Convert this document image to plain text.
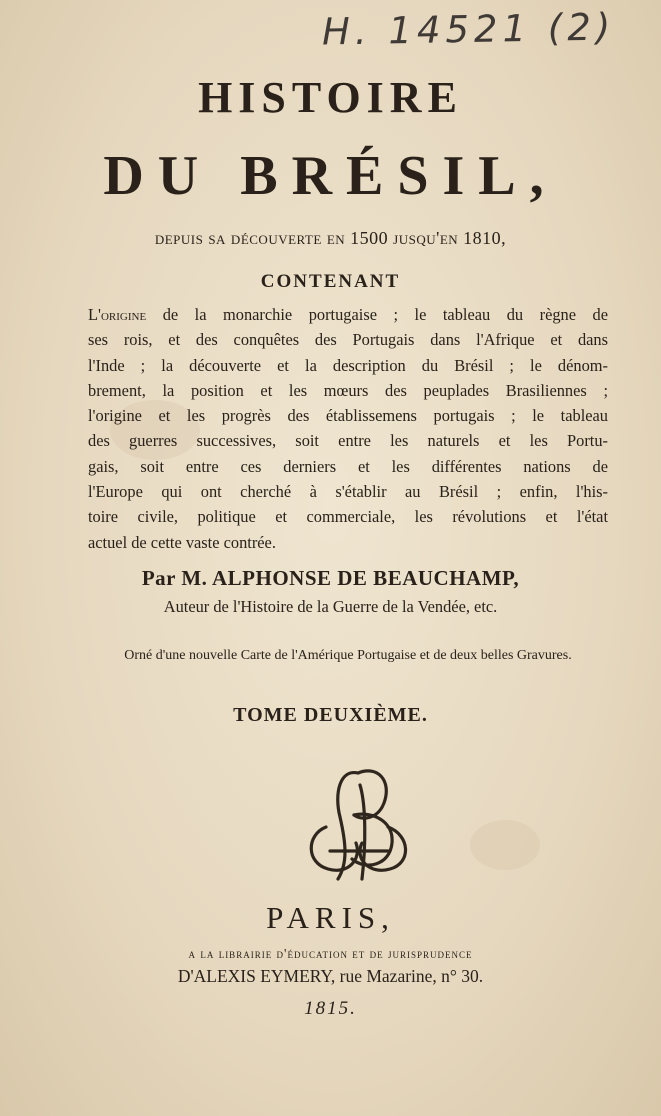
H. 14521 (2)
HISTOIRE
DU BRÉSIL,
depuis sa découverte en 1500 jusqu'en 1810,
CONTENANT
L'origine de la monarchie portugaise ; le tableau du règne de
ses rois, et des conquêtes des Portugais dans l'Afrique et dans
l'Inde ; la découverte et la description du Brésil ; le dénom-
brement, la position et les mœurs des peuplades Brasiliennes ;
l'origine et les progrès des établissemens portugais ; le tableau
des guerres successives, soit entre les naturels et les Portu-
gais, soit entre ces derniers et les différentes nations de
l'Europe qui ont cherché à s'établir au Brésil ; enfin, l'his-
toire civile, politique et commerciale, les révolutions et l'état
actuel de cette vaste contrée.
Par M. ALPHONSE DE BEAUCHAMP,
Auteur de l'Histoire de la Guerre de la Vendée, etc.
Orné d'une nouvelle Carte de l'Amérique Portugaise et de deux belles Gravures.
TOME DEUXIÈME.
PARIS,
a la librairie d'éducation et de jurisprudence
D'ALEXIS EYMERY, rue Mazarine, n° 30.
1815.
